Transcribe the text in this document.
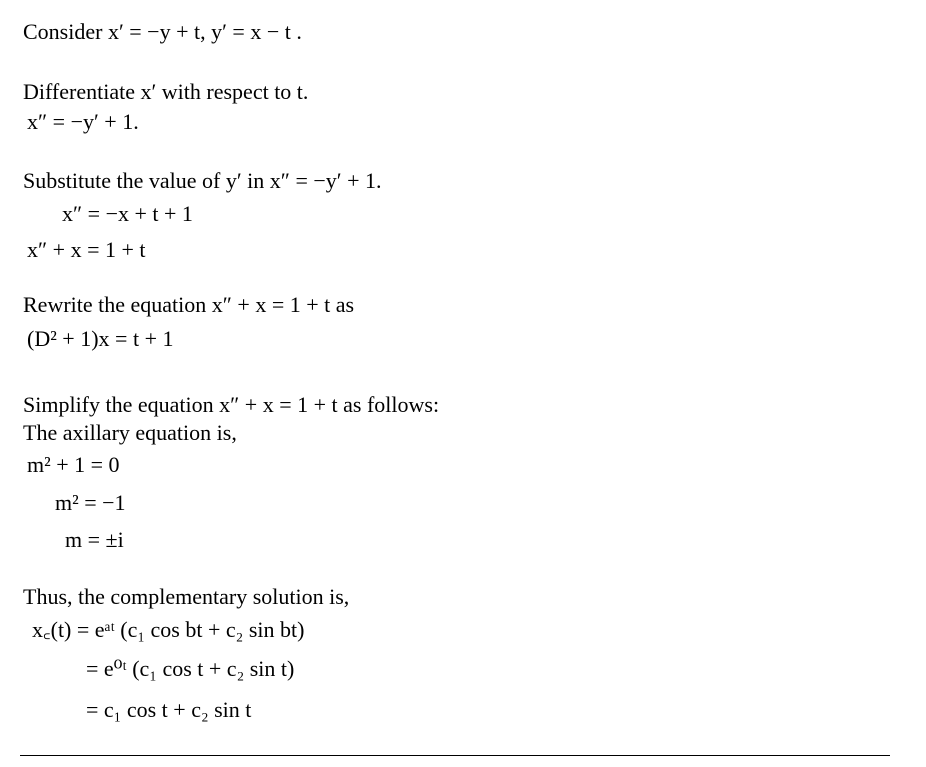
Consider x′ = −y + t, y′ = x − t .
Differentiate x′ with respect to t.
x″ = −y′ + 1.
Substitute the value of y′ in x″ = −y′ + 1.
x″ = −x + t + 1
x″ + x = 1 + t
Rewrite the equation x″ + x = 1 + t as
(D² + 1)x = t + 1
Simplify the equation x″ + x = 1 + t as follows:
The axillary equation is,
m² + 1 = 0
m² = −1
m = ±i
Thus, the complementary solution is,
x꜀(t) = eᵃᵗ (c₁ cos bt + c₂ sin bt)
= e⁰ᵗ (c₁ cos t + c₂ sin t)
= c₁ cos t + c₂ sin t
